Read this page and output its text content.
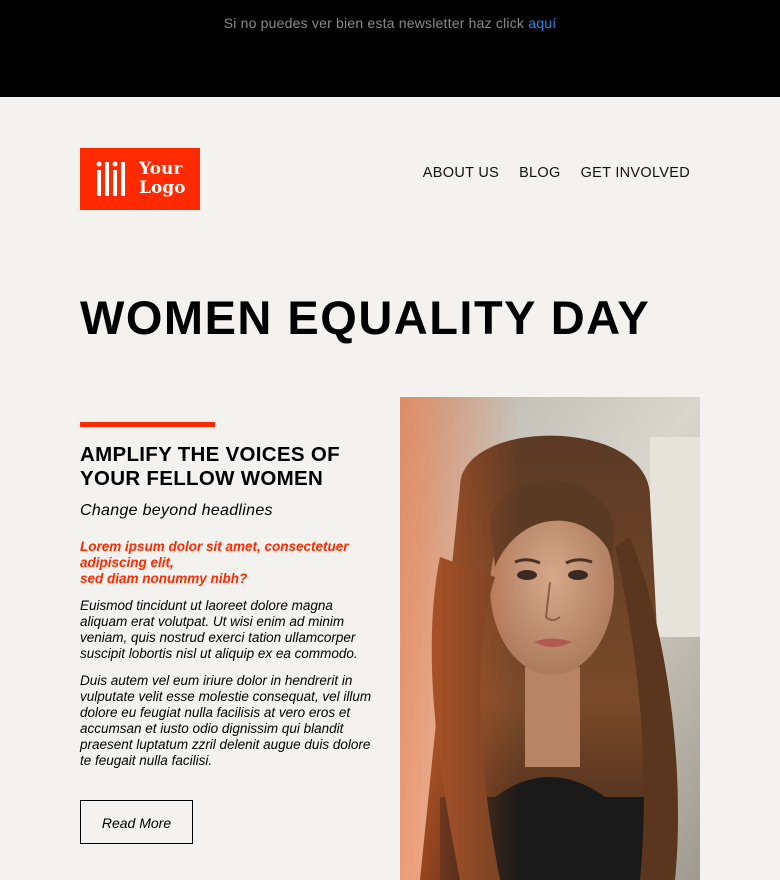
Si no puedes ver bien esta newsletter haz click aquí
Your
Logo
ABOUT US BLOG GET INVOLVED
WOMEN EQUALITY DAY
AMPLIFY THE VOICES OF
YOUR FELLOW WOMEN

Change beyond headlines

Lorem ipsum dolor sit amet, consectetuer adipiscing elit,
sed diam nonummy nibh?

Euismod tincidunt ut laoreet dolore magna aliquam erat volutpat. Ut wisi enim ad minim veniam, quis nostrud exerci tation ullamcorper suscipit lobortis nisl ut aliquip ex ea commodo.

Duis autem vel eum iriure dolor in hendrerit in vulputate velit esse molestie consequat, vel illum dolore eu feugiat nulla facilisis at vero eros et accumsan et iusto odio dignissim qui blandit praesent luptatum zzril delenit augue duis dolore te feugait nulla facilisi.

Read More
